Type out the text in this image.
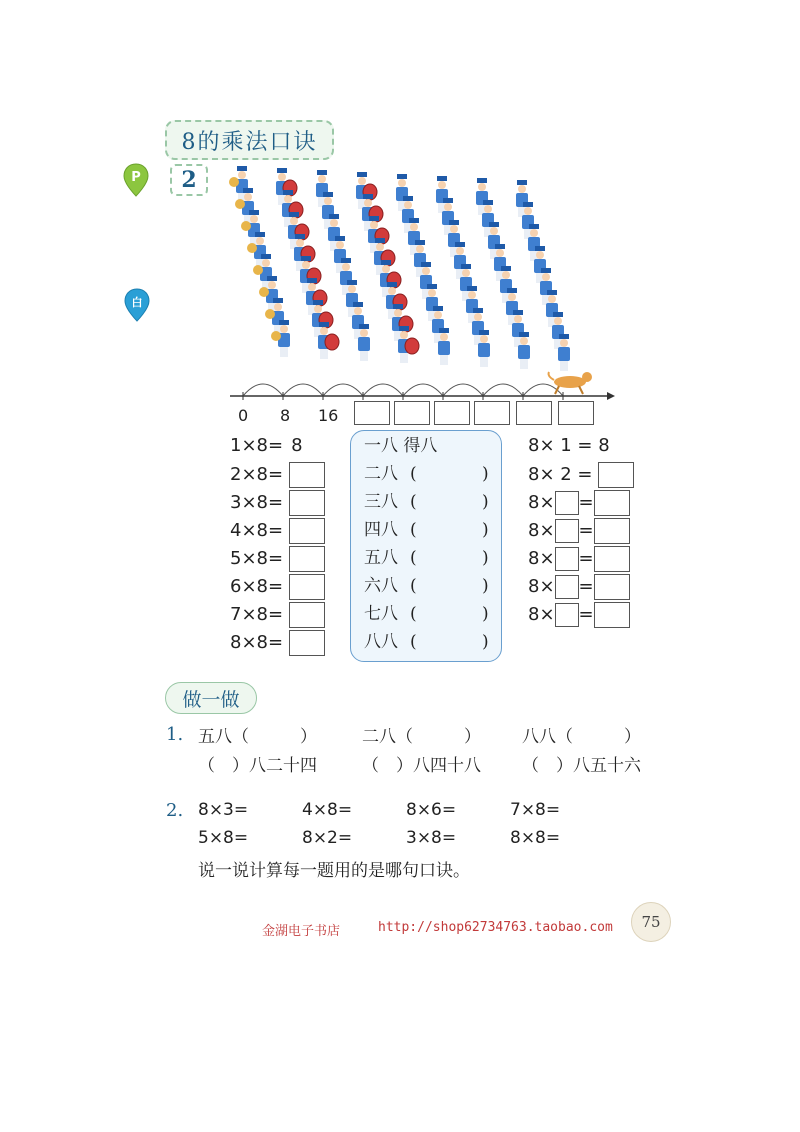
8的乘法口诀
2
P
白
0 8 16
1×8= 8
2×8=
3×8=
4×8=
5×8=
6×8=
7×8=
8×8=
一八 得八
二八 (	)
三八 (	)
四八 (	)
五八 (	)
六八 (	)
七八 (	)
八八 (	)
8× 1 = 8
8× 2 =
8× =
8× =
8× =
8× =
8× =
做一做
1. 五八（　　　）	二八（　　　） 八八（　　　）
（　）八二十四	（　）八四十八 （　）八五十六
2. 8×3=	4×8=	8×6=	7×8=
5×8=	8×2=	3×8=	8×8=
说一说计算每一题用的是哪句口诀。
金湖电子书店	http://shop62734763.taobao.com	75
